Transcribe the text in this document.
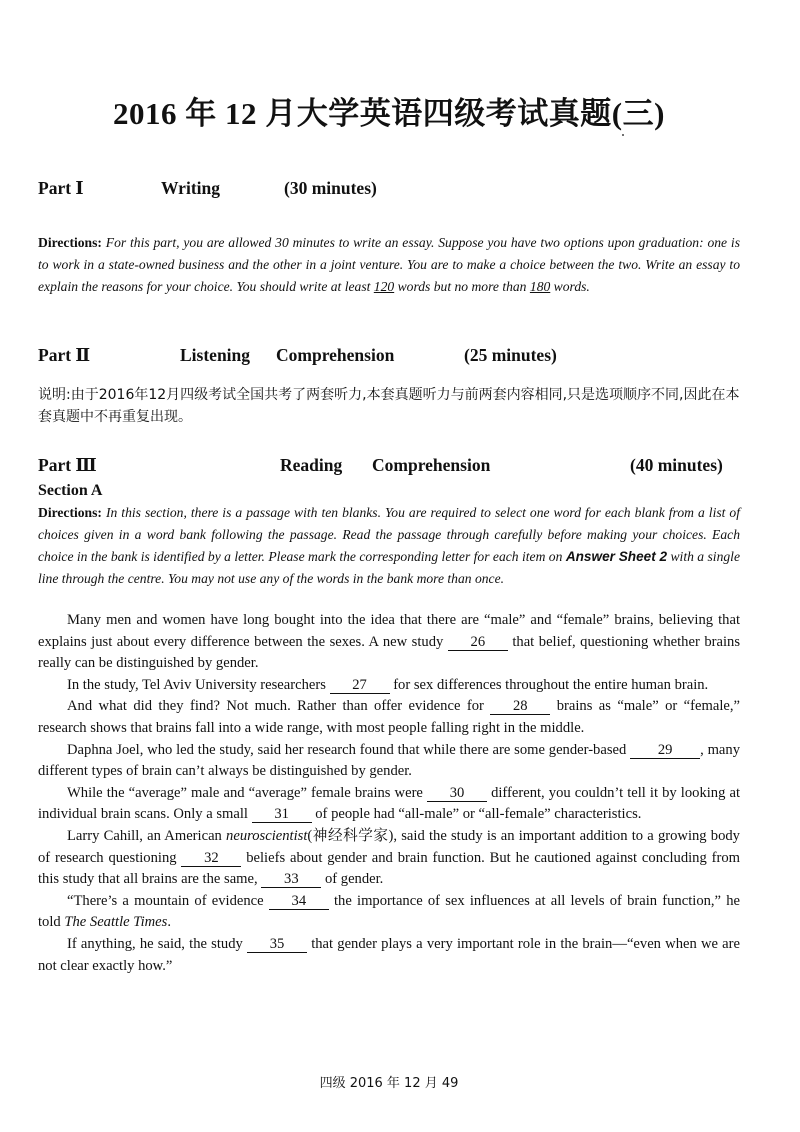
2016 年 12 月大学英语四级考试真题(三)
Part Ⅰ	Writing	(30 minutes)
Directions: For this part, you are allowed 30 minutes to write an essay. Suppose you have two options upon graduation: one is to work in a state-owned business and the other in a joint venture. You are to make a choice between the two. Write an essay to explain the reasons for your choice. You should write at least 120 words but no more than 180 words.
Part Ⅱ	Listening Comprehension	(25 minutes)
说明:由于2016年12月四级考试全国共考了两套听力,本套真题听力与前两套内容相同,只是选项顺序不同,因此在本套真题中不再重复出现。
Part Ⅲ	Reading Comprehension	(40 minutes)
Section A
Directions: In this section, there is a passage with ten blanks. You are required to select one word for each blank from a list of choices given in a word bank following the passage. Read the passage through carefully before making your choices. Each choice in the bank is identified by a letter. Please mark the corresponding letter for each item on Answer Sheet 2 with a single line through the centre. You may not use any of the words in the bank more than once.

Many men and women have long bought into the idea that there are “male” and “female” brains, believing that explains just about every difference between the sexes. A new study 26 that belief, questioning whether brains really can be distinguished by gender.

In the study, Tel Aviv University researchers 27 for sex differences throughout the entire human brain.

And what did they find? Not much. Rather than offer evidence for 28 brains as “male” or “female,” research shows that brains fall into a wide range, with most people falling right in the middle.

Daphna Joel, who led the study, said her research found that while there are some gender-based 29 , many different types of brain can’t always be distinguished by gender.

While the “average” male and “average” female brains were 30 different, you couldn’t tell it by looking at individual brain scans. Only a small 31 of people had “all-male” or “all-female” characteristics.

Larry Cahill, an American neuroscientist(神经科学家), said the study is an important addition to a growing body of research questioning 32 beliefs about gender and brain function. But he cautioned against concluding from this study that all brains are the same, 33 of gender.

“There’s a mountain of evidence 34 the importance of sex influences at all levels of brain function,” he told The Seattle Times.

If anything, he said, the study 35 that gender plays a very important role in the brain—“even when we are not clear exactly how.”

四级 2016 年 12 月 49
